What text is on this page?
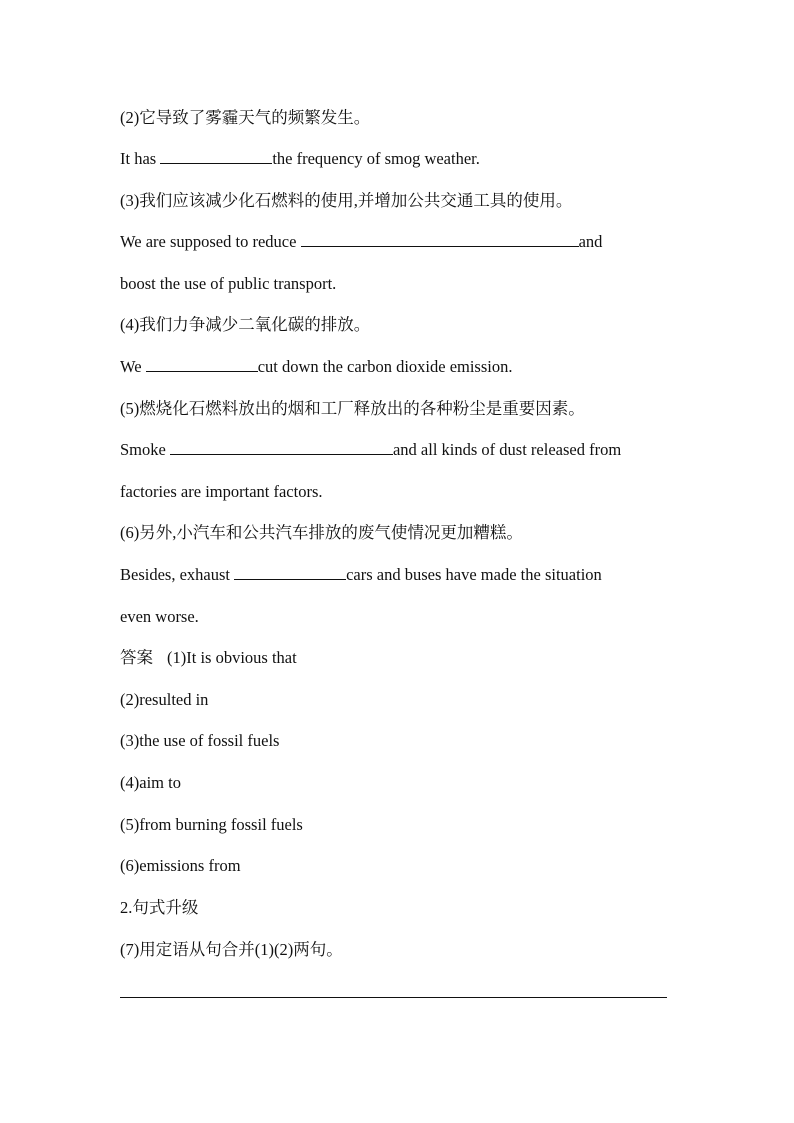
(2)它导致了雾霾天气的频繁发生。
It has	the frequency of smog weather.
(3)我们应该减少化石燃料的使用,并增加公共交通工具的使用。
We are supposed to reduce	and
boost the use of public transport.
(4)我们力争减少二氧化碳的排放。
We	cut down the carbon dioxide emission.
(5)燃烧化石燃料放出的烟和工厂释放出的各种粉尘是重要因素。
Smoke	and all kinds of dust released from
factories are important factors.
(6)另外,小汽车和公共汽车排放的废气使情况更加糟糕。
Besides, exhaust	cars and buses have made the situation
even worse.
答案 (1)It is obvious that
(2)resulted in
(3)the use of fossil fuels
(4)aim to
(5)from burning fossil fuels
(6)emissions from
2.句式升级
(7)用定语从句合并(1)(2)两句。
